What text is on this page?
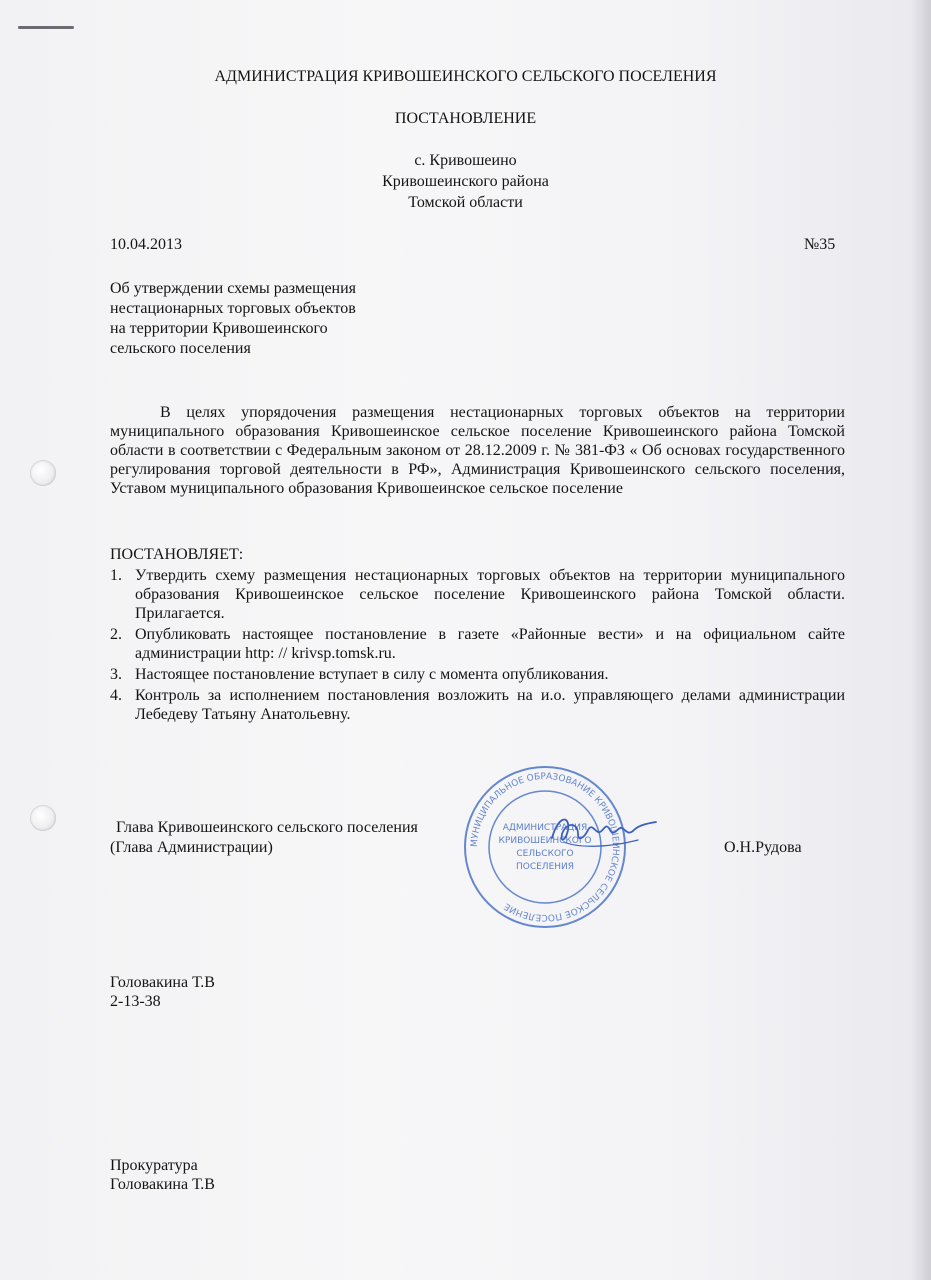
АДМИНИСТРАЦИЯ КРИВОШЕИНСКОГО СЕЛЬСКОГО ПОСЕЛЕНИЯ
ПОСТАНОВЛЕНИЕ
с. Кривошеино
Кривошеинского района
Томской области
10.04.2013	№35
Об утверждении схемы размещения
нестационарных торговых объектов
на территории Кривошеинского
сельского поселения
В целях упорядочения размещения нестационарных торговых объектов на территории муниципального образования Кривошеинское сельское поселение Кривошеинского района Томской области в соответствии с Федеральным законом от 28.12.2009 г. № 381-ФЗ « Об основах государственного регулирования торговой деятельности в РФ», Администрация Кривошеинского сельского поселения, Уставом муниципального образования Кривошеинское сельское поселение
ПОСТАНОВЛЯЕТ:
1. Утвердить схему размещения нестационарных торговых объектов на территории муниципального образования Кривошеинское сельское поселение Кривошеинского района Томской области. Прилагается.
2. Опубликовать настоящее постановление в газете «Районные вести» и на официальном сайте администрации http: // krivsp.tomsk.ru.
3. Настоящее постановление вступает в силу с момента опубликования.
4. Контроль за исполнением постановления возложить на и.о. управляющего делами администрации Лебедеву Татьяну Анатольевну.
Глава Кривошеинского сельского поселения
(Глава Администрации)	О.Н.Рудова
МУНИЦИПАЛЬНОЕ ОБРАЗОВАНИЕ КРИВОШЕИНСКОЕ СЕЛЬСКОЕ ПОСЕЛЕНИЕ
АДМИНИСТРАЦИЯ
КРИВОШЕИНСКОГО
СЕЛЬСКОГО
ПОСЕЛЕНИЯ
Головакина Т.В
2-13-38
Прокуратура
Головакина Т.В
